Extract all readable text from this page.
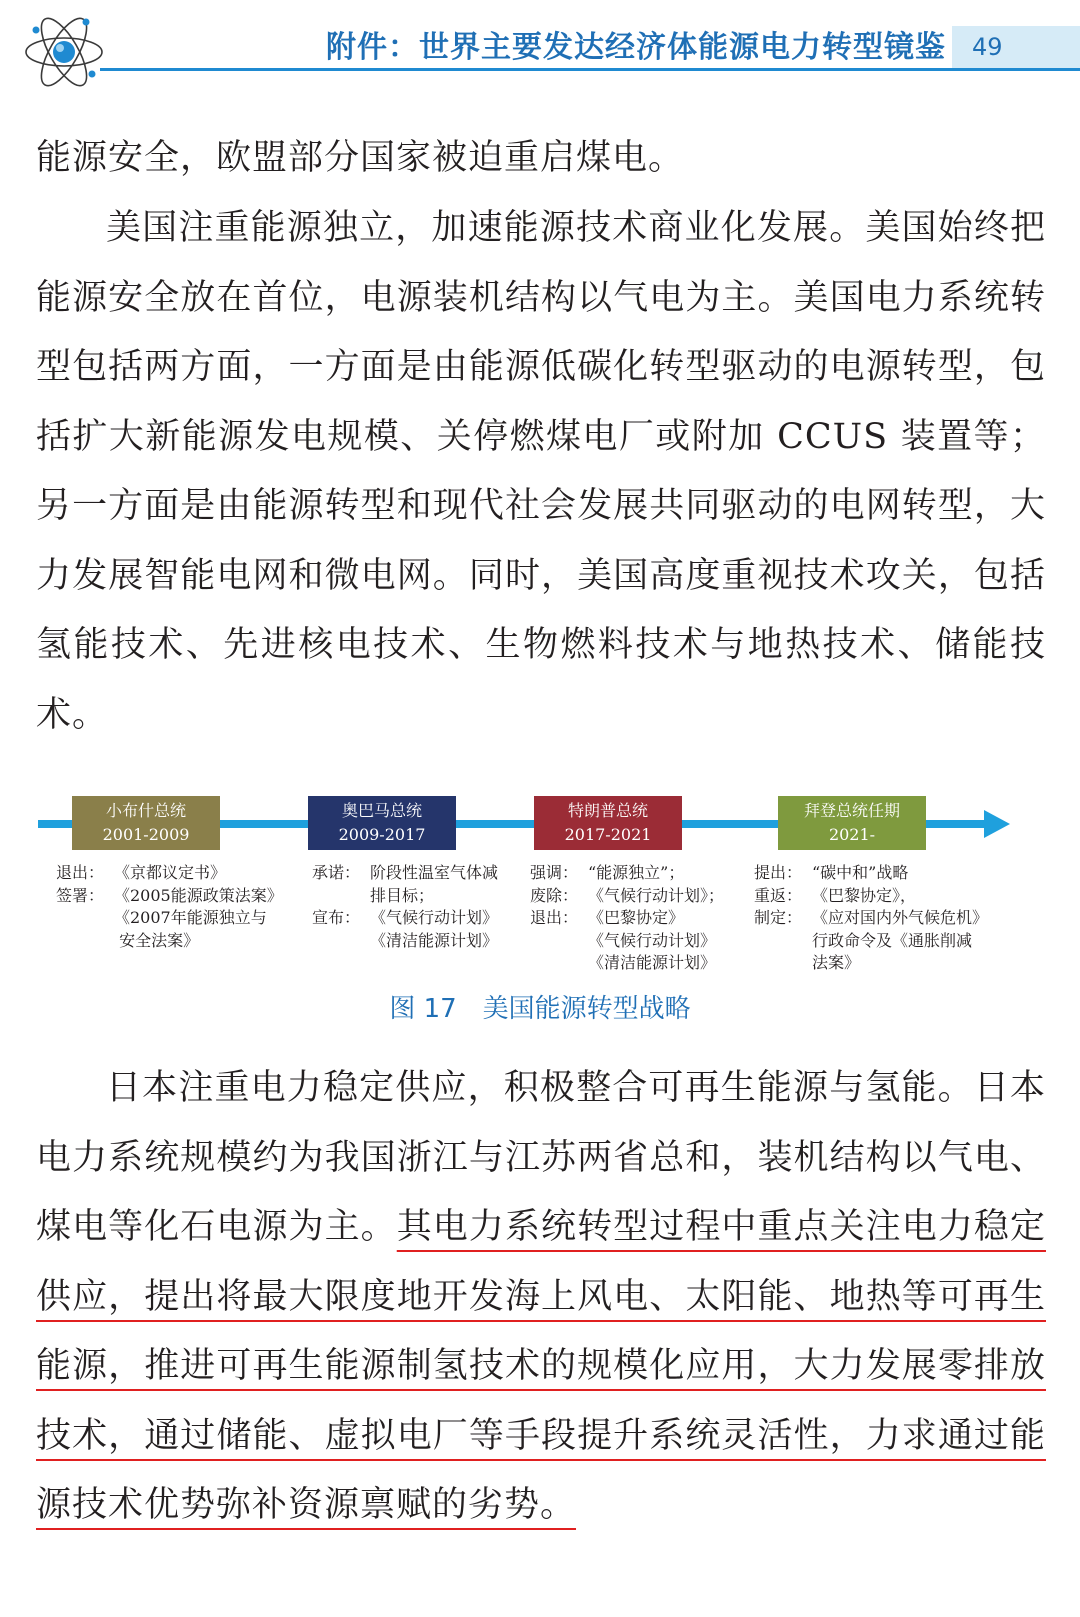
附件：世界主要发达经济体能源电力转型镜鉴	49

能源安全，欧盟部分国家被迫重启煤电。

美国注重能源独立，加速能源技术商业化发展。美国始终把能源安全放在首位，电源装机结构以气电为主。美国电力系统转型包括两方面，一方面是由能源低碳化转型驱动的电源转型，包括扩大新能源发电规模、关停燃煤电厂或附加 CCUS 装置等；另一方面是由能源转型和现代社会发展共同驱动的电网转型，大力发展智能电网和微电网。同时，美国高度重视技术攻关，包括氢能技术、先进核电技术、生物燃料技术与地热技术、储能技术。

小布什总统
2001-2009
奥巴马总统
2009-2017
特朗普总统
2017-2021
拜登总统任期
2021-
退出： 《京都议定书》
签署： 《2005能源政策法案》
《2007年能源独立与
安全法案》
承诺： 阶段性温室气体减
排目标；
宣布： 《气候行动计划》
《清洁能源计划》
强调： “能源独立”；
废除： 《气候行动计划》；
退出： 《巴黎协定》
《气候行动计划》
《清洁能源计划》
提出： “碳中和”战略
重返： 《巴黎协定》，
制定： 《应对国内外气候危机》
行政命令及《通胀削减
法案》
图 17 美国能源转型战略

日本注重电力稳定供应，积极整合可再生能源与氢能。日本电力系统规模约为我国浙江与江苏两省总和，装机结构以气电、煤电等化石电源为主。其电力系统转型过程中重点关注电力稳定供应，提出将最大限度地开发海上风电、太阳能、地热等可再生能源，推进可再生能源制氢技术的规模化应用，大力发展零排放技术，通过储能、虚拟电厂等手段提升系统灵活性，力求通过能源技术优势弥补资源禀赋的劣势。
